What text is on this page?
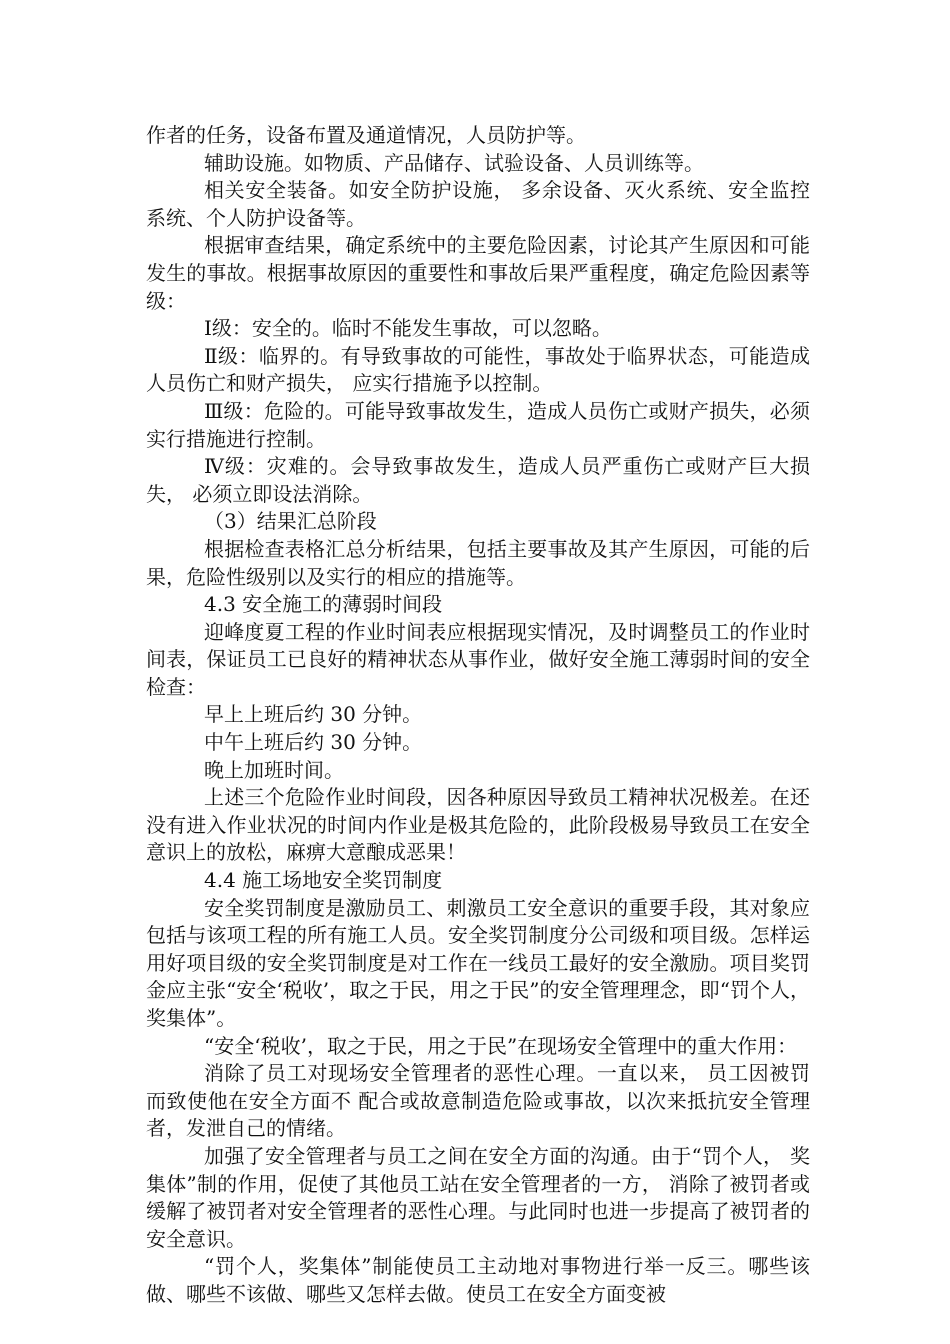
作者的任务，设备布置及通道情况，人员防护等。

辅助设施。如物质、产品储存、试验设备、人员训练等。

相关安全装备。如安全防护设施， 多余设备、灭火系统、安全监控系统、个人防护设备等。

根据审查结果，确定系统中的主要危险因素，讨论其产生原因和可能发生的事故。根据事故原因的重要性和事故后果严重程度，确定危险因素等级：

Ⅰ级：安全的。临时不能发生事故，可以忽略。

Ⅱ级：临界的。有导致事故的可能性，事故处于临界状态，可能造成人员伤亡和财产损失， 应实行措施予以控制。

Ⅲ级：危险的。可能导致事故发生，造成人员伤亡或财产损失，必须实行措施进行控制。

Ⅳ级：灾难的。会导致事故发生，造成人员严重伤亡或财产巨大损失， 必须立即设法消除。

（3）结果汇总阶段

根据检查表格汇总分析结果，包括主要事故及其产生原因，可能的后果，危险性级别以及实行的相应的措施等。

4.3 安全施工的薄弱时间段

迎峰度夏工程的作业时间表应根据现实情况，及时调整员工的作业时间表，保证员工已良好的精神状态从事作业，做好安全施工薄弱时间的安全检查：

早上上班后约 30 分钟。

中午上班后约 30 分钟。

晚上加班时间。

上述三个危险作业时间段，因各种原因导致员工精神状况极差。在还没有进入作业状况的时间内作业是极其危险的，此阶段极易导致员工在安全意识上的放松，麻痹大意酿成恶果！

4.4 施工场地安全奖罚制度

安全奖罚制度是激励员工、刺激员工安全意识的重要手段，其对象应包括与该项工程的所有施工人员。安全奖罚制度分公司级和项目级。怎样运用好项目级的安全奖罚制度是对工作在一线员工最好的安全激励。项目奖罚金应主张“安全‘税收’，取之于民，用之于民”的安全管理理念，即“罚个人，奖集体”。

“安全‘税收’，取之于民，用之于民”在现场安全管理中的重大作用：

消除了员工对现场安全管理者的恶性心理。一直以来， 员工因被罚而致使他在安全方面不 配合或故意制造危险或事故，以次来抵抗安全管理者，发泄自己的情绪。

加强了安全管理者与员工之间在安全方面的沟通。由于“罚个人， 奖集体”制的作用，促使了其他员工站在安全管理者的一方， 消除了被罚者或缓解了被罚者对安全管理者的恶性心理。与此同时也进一步提高了被罚者的安全意识。

“罚个人，奖集体”制能使员工主动地对事物进行举一反三。哪些该做、哪些不该做、哪些又怎样去做。使员工在安全方面变被
